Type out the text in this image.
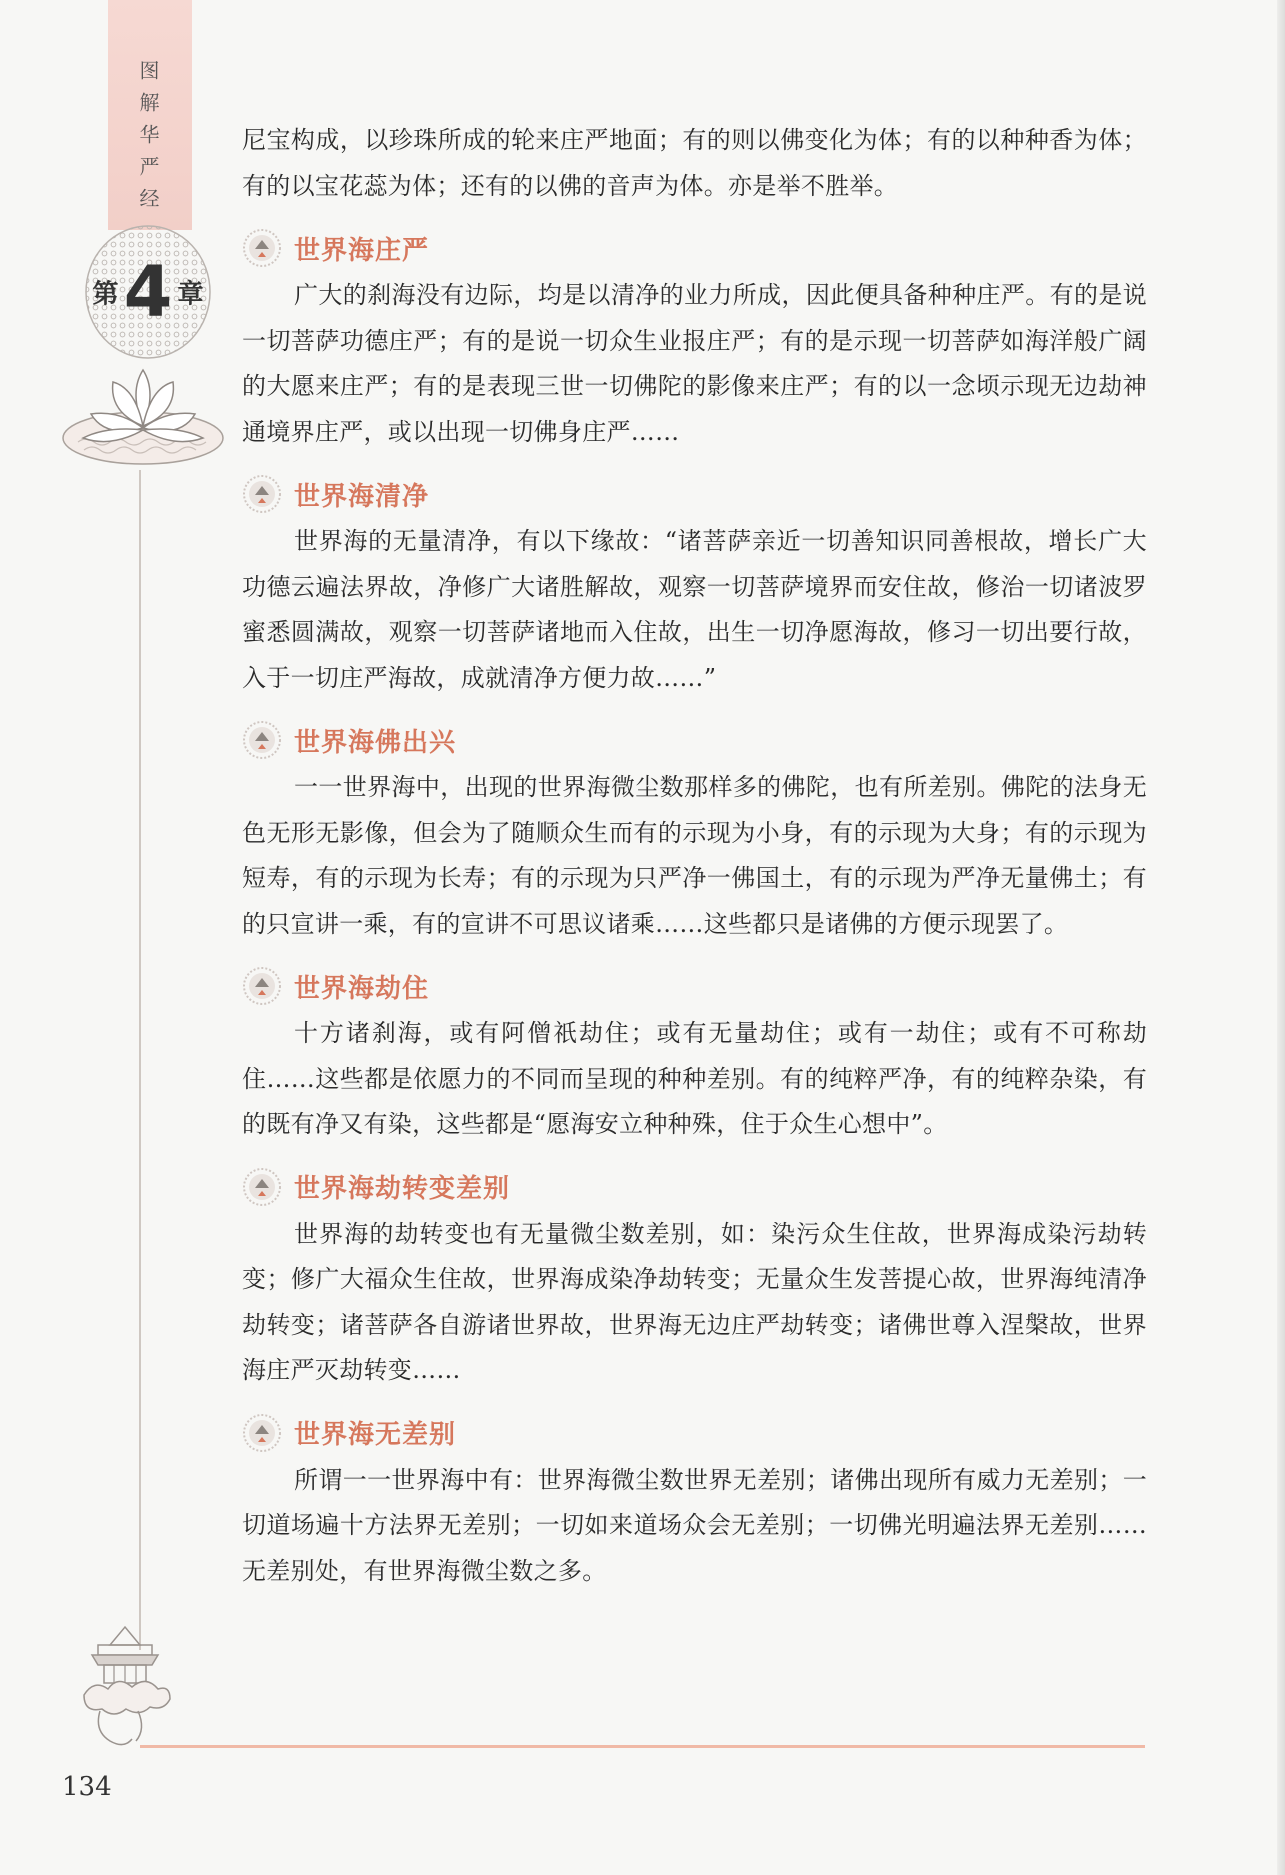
图解华严经
第 4 章

尼宝构成，以珍珠所成的轮来庄严地面；有的则以佛变化为体；有的以种种香为体；有的以宝花蕊为体；还有的以佛的音声为体。亦是举不胜举。

世界海庄严

广大的刹海没有边际，均是以清净的业力所成，因此便具备种种庄严。有的是说一切菩萨功德庄严；有的是说一切众生业报庄严；有的是示现一切菩萨如海洋般广阔的大愿来庄严；有的是表现三世一切佛陀的影像来庄严；有的以一念顷示现无边劫神通境界庄严，或以出现一切佛身庄严……

世界海清净

世界海的无量清净，有以下缘故：“诸菩萨亲近一切善知识同善根故，增长广大功德云遍法界故，净修广大诸胜解故，观察一切菩萨境界而安住故，修治一切诸波罗蜜悉圆满故，观察一切菩萨诸地而入住故，出生一切净愿海故，修习一切出要行故，入于一切庄严海故，成就清净方便力故……”

世界海佛出兴

一一世界海中，出现的世界海微尘数那样多的佛陀，也有所差别。佛陀的法身无色无形无影像，但会为了随顺众生而有的示现为小身，有的示现为大身；有的示现为短寿，有的示现为长寿；有的示现为只严净一佛国土，有的示现为严净无量佛土；有的只宣讲一乘，有的宣讲不可思议诸乘……这些都只是诸佛的方便示现罢了。

世界海劫住

十方诸刹海，或有阿僧祇劫住；或有无量劫住；或有一劫住；或有不可称劫住……这些都是依愿力的不同而呈现的种种差别。有的纯粹严净，有的纯粹杂染，有的既有净又有染，这些都是“愿海安立种种殊，住于众生心想中”。

世界海劫转变差别

世界海的劫转变也有无量微尘数差别，如：染污众生住故，世界海成染污劫转变；修广大福众生住故，世界海成染净劫转变；无量众生发菩提心故，世界海纯清净劫转变；诸菩萨各自游诸世界故，世界海无边庄严劫转变；诸佛世尊入涅槃故，世界海庄严灭劫转变……

世界海无差别

所谓一一世界海中有：世界海微尘数世界无差别；诸佛出现所有威力无差别；一切道场遍十方法界无差别；一切如来道场众会无差别；一切佛光明遍法界无差别……无差别处，有世界海微尘数之多。

134
